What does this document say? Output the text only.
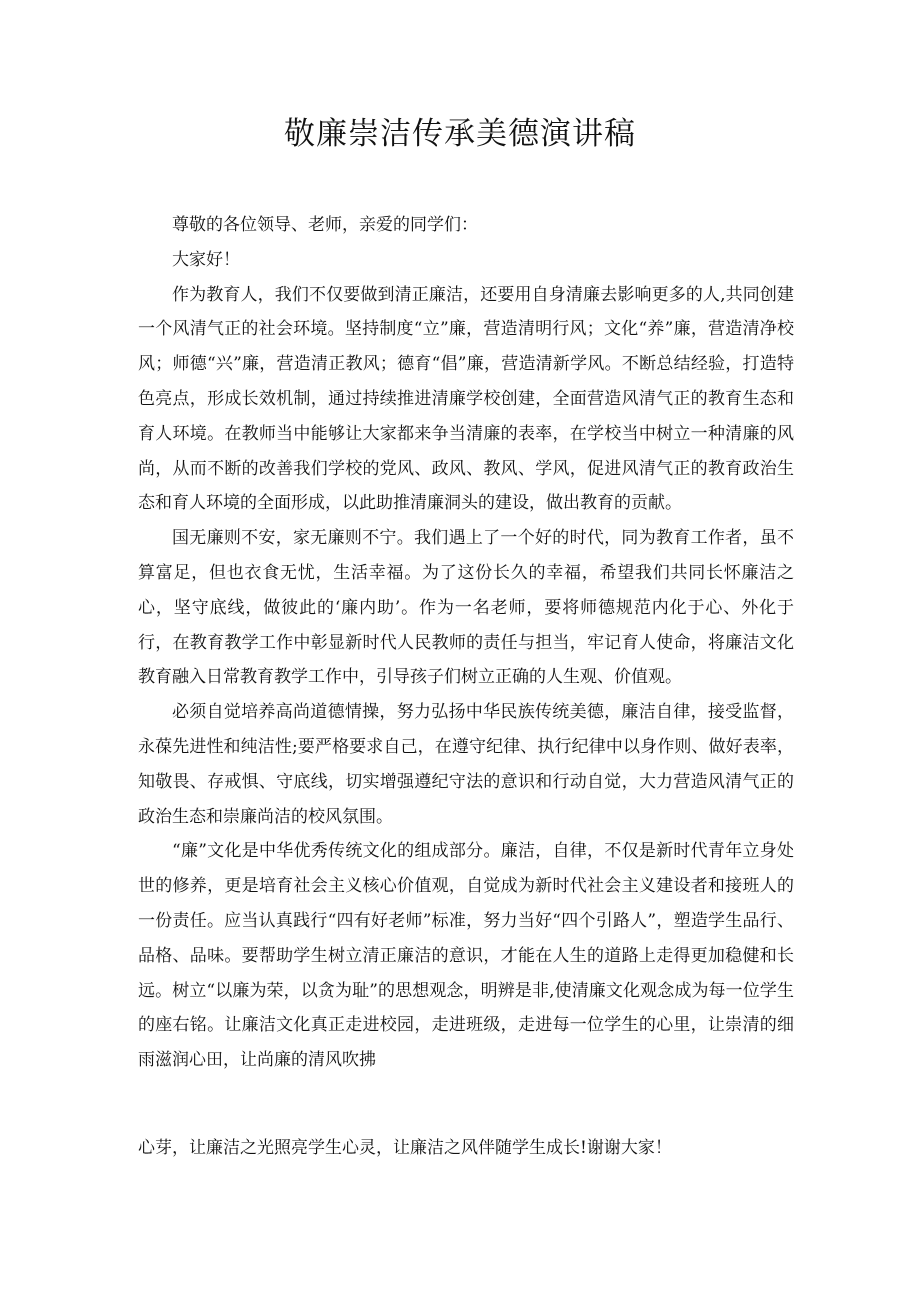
敬廉崇洁传承美德演讲稿

尊敬的各位领导、老师，亲爱的同学们：

大家好！

作为教育人，我们不仅要做到清正廉洁，还要用自身清廉去影响更多的人,共同创建一个风清气正的社会环境。坚持制度“立”廉，营造清明行风；文化“养”廉，营造清净校风；师德“兴”廉，营造清正教风；德育“倡”廉，营造清新学风。不断总结经验，打造特色亮点，形成长效机制，通过持续推进清廉学校创建，全面营造风清气正的教育生态和育人环境。在教师当中能够让大家都来争当清廉的表率，在学校当中树立一种清廉的风尚，从而不断的改善我们学校的党风、政风、教风、学风，促进风清气正的教育政治生态和育人环境的全面形成，以此助推清廉洞头的建设，做出教育的贡献。

国无廉则不安，家无廉则不宁。我们遇上了一个好的时代，同为教育工作者，虽不算富足，但也衣食无忧，生活幸福。为了这份长久的幸福，希望我们共同长怀廉洁之心，坚守底线，做彼此的‘廉内助’。作为一名老师，要将师德规范内化于心、外化于行，在教育教学工作中彰显新时代人民教师的责任与担当，牢记育人使命，将廉洁文化教育融入日常教育教学工作中，引导孩子们树立正确的人生观、价值观。

必须自觉培养高尚道德情操，努力弘扬中华民族传统美德，廉洁自律，接受监督，永葆先进性和纯洁性;要严格要求自己，在遵守纪律、执行纪律中以身作则、做好表率，知敬畏、存戒惧、守底线，切实增强遵纪守法的意识和行动自觉，大力营造风清气正的政治生态和崇廉尚洁的校风氛围。

“廉”文化是中华优秀传统文化的组成部分。廉洁，自律，不仅是新时代青年立身处世的修养，更是培育社会主义核心价值观，自觉成为新时代社会主义建设者和接班人的一份责任。应当认真践行“四有好老师”标准，努力当好“四个引路人”，塑造学生品行、品格、品味。要帮助学生树立清正廉洁的意识，才能在人生的道路上走得更加稳健和长远。树立“以廉为荣，以贪为耻”的思想观念，明辨是非,使清廉文化观念成为每一位学生的座右铭。让廉洁文化真正走进校园，走进班级，走进每一位学生的心里，让崇清的细雨滋润心田，让尚廉的清风吹拂

心芽，让廉洁之光照亮学生心灵，让廉洁之风伴随学生成长!谢谢大家！
